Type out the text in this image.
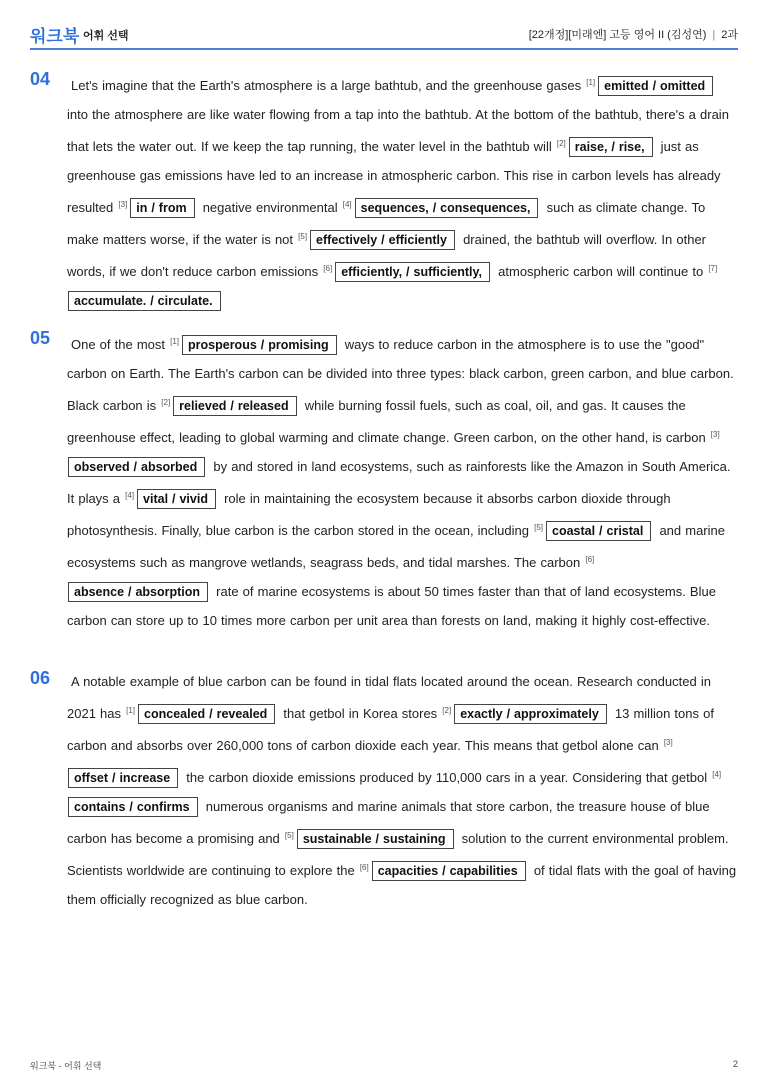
워크북 어휘 선택	[22개정][미래엔] 고등 영어 II (김성연) | 2과
04	Let's imagine that the Earth's atmosphere is a large bathtub, and the greenhouse gases [1] emitted / omitted into the atmosphere are like water flowing from a tap into the bathtub. At the bottom of the bathtub, there's a drain that lets the water out. If we keep the tap running, the water level in the bathtub will [2] raise, / rise, just as greenhouse gas emissions have led to an increase in atmospheric carbon. This rise in carbon levels has already resulted [3] in / from negative environmental [4] sequences, / consequences, such as climate change. To make matters worse, if the water is not [5] effectively / efficiently drained, the bathtub will overflow. In other words, if we don't reduce carbon emissions [6] efficiently, / sufficiently, atmospheric carbon will continue to [7]accumulate. / circulate.
05	One of the most [1] prosperous / promising ways to reduce carbon in the atmosphere is to use the "good" carbon on Earth. The Earth's carbon can be divided into three types: black carbon, green carbon, and blue carbon. Black carbon is [2] relieved / released while burning fossil fuels, such as coal, oil, and gas. It causes the greenhouse effect, leading to global warming and climate change. Green carbon, on the other hand, is carbon [3]observed / absorbed by and stored in land ecosystems, such as rainforests like the Amazon in South America. It plays a [4] vital / vivid role in maintaining the ecosystem because it absorbs carbon dioxide through photosynthesis. Finally, blue carbon is the carbon stored in the ocean, including [5] coastal / cristal and marine ecosystems such as mangrove wetlands, seagrass beds, and tidal marshes. The carbon [6]absence / absorption rate of marine ecosystems is about 50 times faster than that of land ecosystems. Blue carbon can store up to 10 times more carbon per unit area than forests on land, making it highly cost-effective.
06	A notable example of blue carbon can be found in tidal flats located around the ocean. Research conducted in 2021 has [1] concealed / revealed that getbol in Korea stores [2] exactly / approximately 13 million tons of carbon and absorbs over 260,000 tons of carbon dioxide each year. This means that getbol alone can [3]offset / increase the carbon dioxide emissions produced by 110,000 cars in a year. Considering that getbol [4]contains / confirms numerous organisms and marine animals that store carbon, the treasure house of blue carbon has become a promising and [5] sustainable / sustaining solution to the current environmental problem. Scientists worldwide are continuing to explore the [6] capacities / capabilities of tidal flats with the goal of having them officially recognized as blue carbon.
워크북 - 어휘 선택	2
